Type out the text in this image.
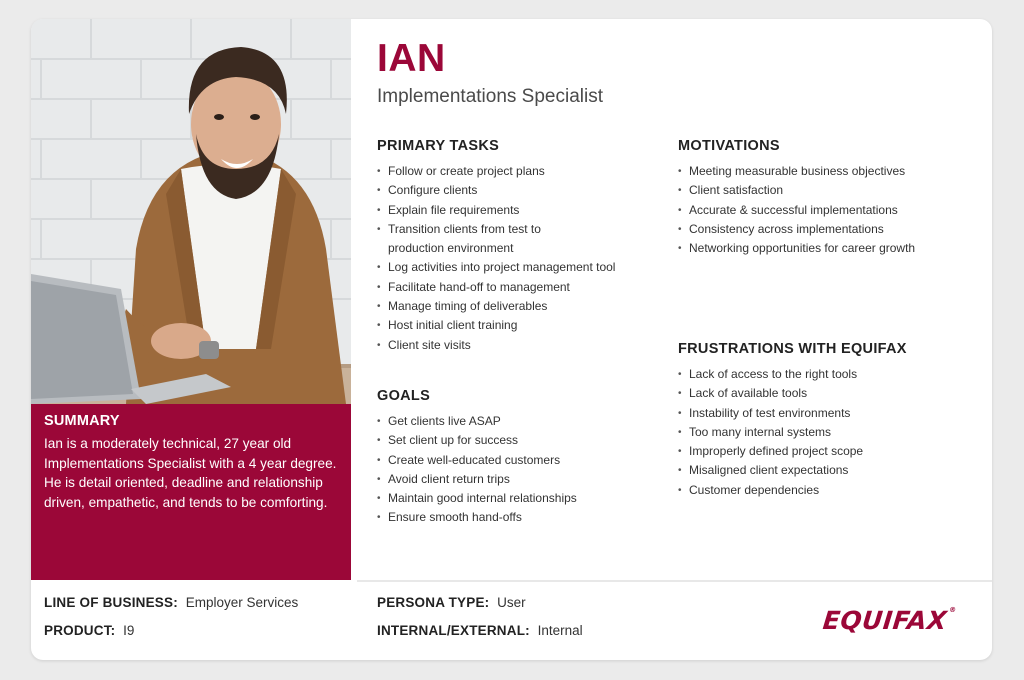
SUMMARY

Ian is a moderately technical, 27 year old Implementations Specialist with a 4 year degree. He is detail oriented, deadline and relationship driven, empathetic, and tends to be comforting.

IAN
Implementations Specialist
PRIMARY TASKS
• Follow or create project plans
• Configure clients
• Explain file requirements
• Transition clients from test to
production environment
• Log activities into project management tool
• Facilitate hand-off to management
• Manage timing of deliverables
• Host initial client training
• Client site visits
GOALS
• Get clients live ASAP
• Set client up for success
• Create well-educated customers
• Avoid client return trips
• Maintain good internal relationships
• Ensure smooth hand-offs
MOTIVATIONS
• Meeting measurable business objectives
• Client satisfaction
• Accurate & successful implementations
• Consistency across implementations
• Networking opportunities for career growth
FRUSTRATIONS WITH EQUIFAX
• Lack of access to the right tools
• Lack of available tools
• Instability of test environments
• Too many internal systems
• Improperly defined project scope
• Misaligned client expectations
• Customer dependencies
LINE OF BUSINESS: Employer Services
PRODUCT: I9
PERSONA TYPE: User
INTERNAL/EXTERNAL: Internal	EQUIFAX®
